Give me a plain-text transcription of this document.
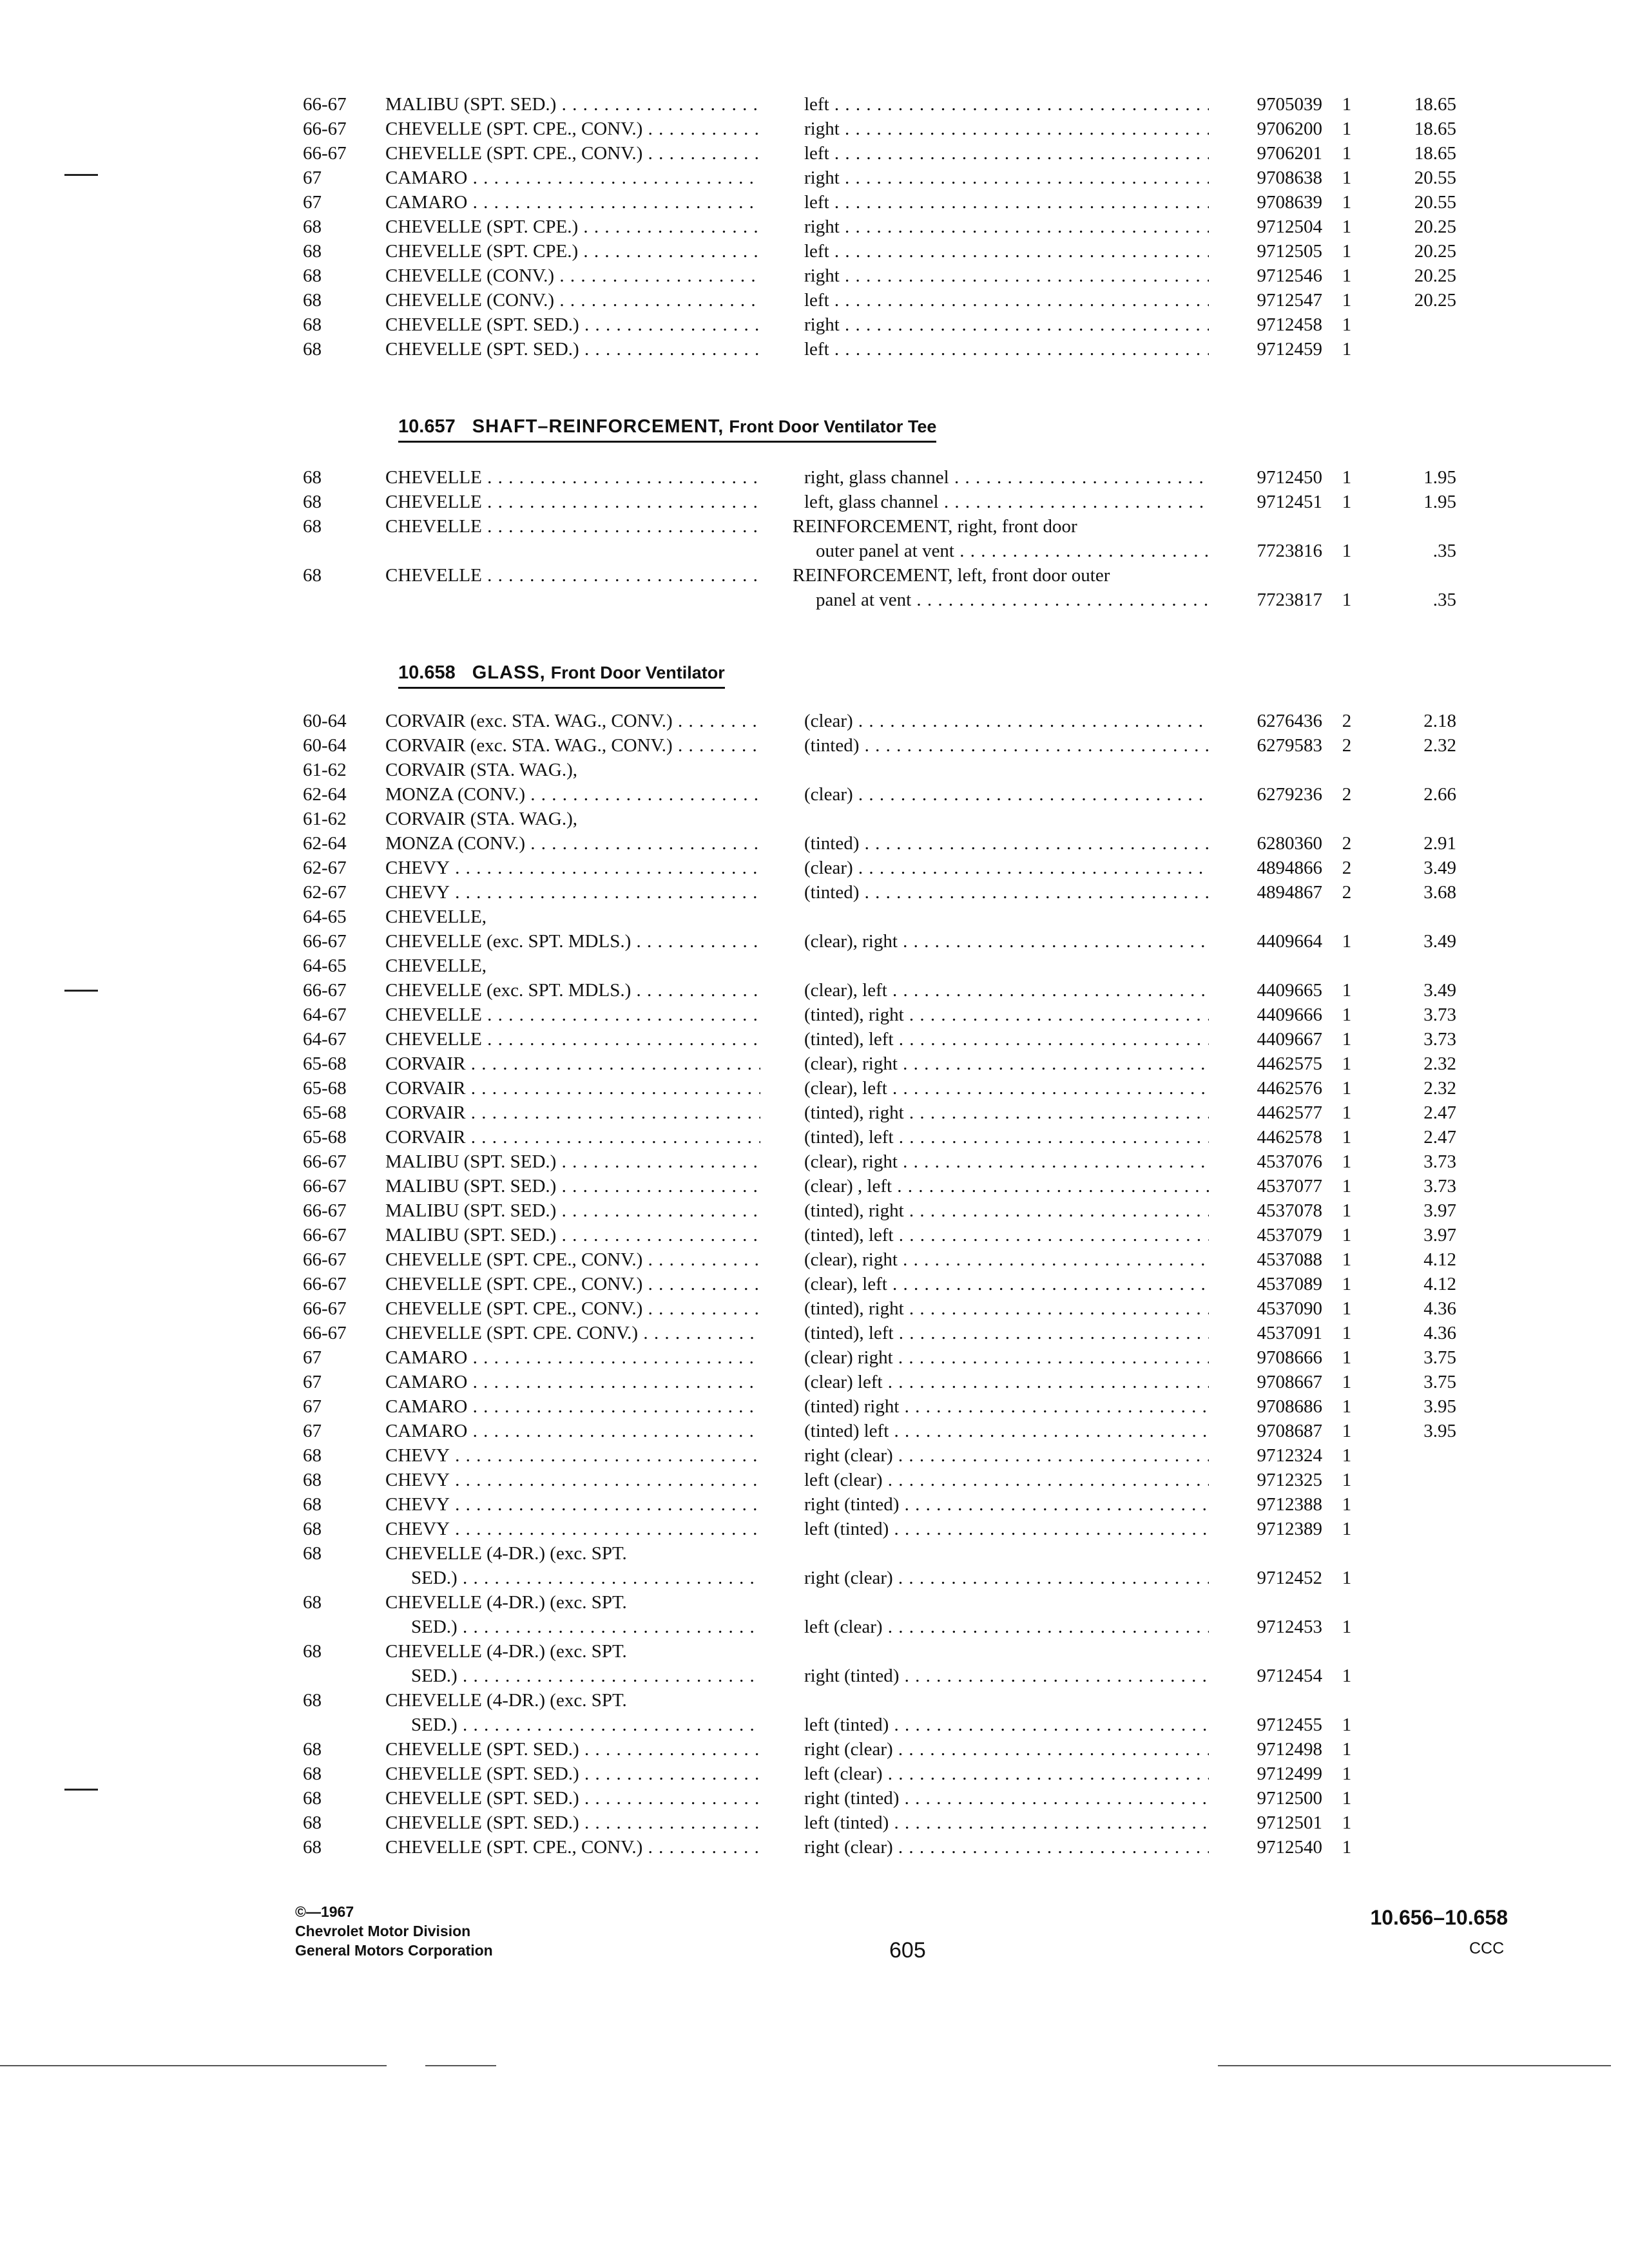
66-67	MALIBU (SPT. SED.) . . .	left . . .	9705039	1	18.65
66-67	CHEVELLE (SPT. CPE., CONV.) . . .	right . . .	9706200	1	18.65
66-67	CHEVELLE (SPT. CPE., CONV.) . . .	left . . .	9706201	1	18.65
67	CAMARO . . .	right . . .	9708638	1	20.55
67	CAMARO . . .	left . . .	9708639	1	20.55
68	CHEVELLE (SPT. CPE.) . . .	right . . .	9712504	1	20.25
68	CHEVELLE (SPT. CPE.) . . .	left . . .	9712505	1	20.25
68	CHEVELLE (CONV.) . . .	right . . .	9712546	1	20.25
68	CHEVELLE (CONV.) . . .	left . . .	9712547	1	20.25
68	CHEVELLE (SPT. SED.) . . .	right . . .	9712458	1
68	CHEVELLE (SPT. SED.) . . .	left . . .	9712459	1
10.657 SHAFT–REINFORCEMENT, Front Door Ventilator Tee
68	CHEVELLE . . .	right, glass channel . . .	9712450	1	1.95
68	CHEVELLE . . .	left, glass channel . . .	9712451	1	1.95
68	CHEVELLE . . .	REINFORCEMENT, right, front door
outer panel at vent . . .	7723816	1	.35
68	CHEVELLE . . .	REINFORCEMENT, left, front door outer
panel at vent . . .	7723817	1	.35
10.658 GLASS, Front Door Ventilator
60-64	CORVAIR (exc. STA. WAG., CONV.) . . .	(clear) . . .	6276436	2	2.18
60-64	CORVAIR (exc. STA. WAG., CONV.) . . .	(tinted) . . .	6279583	2	2.32
61-62	CORVAIR (STA. WAG.),
62-64	MONZA (CONV.) . . .	(clear) . . .	6279236	2	2.66
61-62	CORVAIR (STA. WAG.),
62-64	MONZA (CONV.) . . .	(tinted) . . .	6280360	2	2.91
62-67	CHEVY . . .	(clear) . . .	4894866	2	3.49
62-67	CHEVY . . .	(tinted) . . .	4894867	2	3.68
64-65	CHEVELLE,
66-67	CHEVELLE (exc. SPT. MDLS.) . . .	(clear), right . . .	4409664	1	3.49
64-65	CHEVELLE,
66-67	CHEVELLE (exc. SPT. MDLS.) . . .	(clear), left . . .	4409665	1	3.49
64-67	CHEVELLE . . .	(tinted), right . . .	4409666	1	3.73
64-67	CHEVELLE . . .	(tinted), left . . .	4409667	1	3.73
65-68	CORVAIR . . .	(clear), right . . .	4462575	1	2.32
65-68	CORVAIR . . .	(clear), left . . .	4462576	1	2.32
65-68	CORVAIR . . .	(tinted), right . . .	4462577	1	2.47
65-68	CORVAIR . . .	(tinted), left . . .	4462578	1	2.47
66-67	MALIBU (SPT. SED.) . . .	(clear), right . . .	4537076	1	3.73
66-67	MALIBU (SPT. SED.) . . .	(clear) , left . . .	4537077	1	3.73
66-67	MALIBU (SPT. SED.) . . .	(tinted), right . . .	4537078	1	3.97
66-67	MALIBU (SPT. SED.) . . .	(tinted), left . . .	4537079	1	3.97
66-67	CHEVELLE (SPT. CPE., CONV.) . . .	(clear), right . . .	4537088	1	4.12
66-67	CHEVELLE (SPT. CPE., CONV.) . . .	(clear), left . . .	4537089	1	4.12
66-67	CHEVELLE (SPT. CPE., CONV.) . . .	(tinted), right . . .	4537090	1	4.36
66-67	CHEVELLE (SPT. CPE. CONV.) . . .	(tinted), left . . .	4537091	1	4.36
67	CAMARO . . .	(clear) right . . .	9708666	1	3.75
67	CAMARO . . .	(clear) left . . .	9708667	1	3.75
67	CAMARO . . .	(tinted) right . . .	9708686	1	3.95
67	CAMARO . . .	(tinted) left . . .	9708687	1	3.95
68	CHEVY . . .	right (clear) . . .	9712324	1
68	CHEVY . . .	left (clear) . . .	9712325	1
68	CHEVY . . .	right (tinted) . . .	9712388	1
68	CHEVY . . .	left (tinted) . . .	9712389	1
68	CHEVELLE (4-DR.) (exc. SPT.
SED.) . . .	right (clear) . . .	9712452	1
68	CHEVELLE (4-DR.) (exc. SPT.
SED.) . . .	left (clear) . . .	9712453	1
68	CHEVELLE (4-DR.) (exc. SPT.
SED.) . . .	right (tinted) . . .	9712454	1
68	CHEVELLE (4-DR.) (exc. SPT.
SED.) . . .	left (tinted) . . .	9712455	1
68	CHEVELLE (SPT. SED.) . . .	right (clear) . . .	9712498	1
68	CHEVELLE (SPT. SED.) . . .	left (clear) . . .	9712499	1
68	CHEVELLE (SPT. SED.) . . .	right (tinted) . . .	9712500	1
68	CHEVELLE (SPT. SED.) . . .	left (tinted) . . .	9712501	1
68	CHEVELLE (SPT. CPE., CONV.) . . .	right (clear) . . .	9712540	1
©—1967
Chevrolet Motor Division
General Motors Corporation	605
10.656–10.658
CCC
